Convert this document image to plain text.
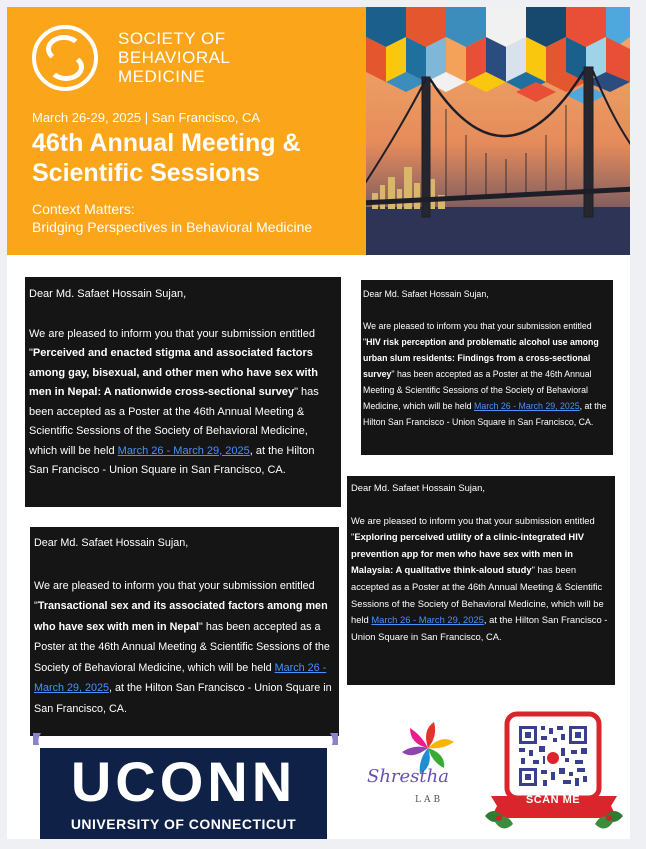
SOCIETY OF
BEHAVIORAL
MEDICINE
March 26-29, 2025 | San Francisco, CA
46th Annual Meeting &
Scientific Sessions
Context Matters:
Bridging Perspectives in Behavioral Medicine

Dear Md. Safaet Hossain Sujan,

We are pleased to inform you that your submission entitled "Perceived and enacted stigma and associated factors among gay, bisexual, and other men who have sex with men in Nepal: A nationwide cross-sectional survey" has been accepted as a Poster at the 46th Annual Meeting & Scientific Sessions of the Society of Behavioral Medicine, which will be held March 26 - March 29, 2025, at the Hilton San Francisco - Union Square in San Francisco, CA.

Dear Md. Safaet Hossain Sujan,

We are pleased to inform you that your submission entitled "HIV risk perception and problematic alcohol use among urban slum residents: Findings from a cross-sectional survey" has been accepted as a Poster at the 46th Annual Meeting & Scientific Sessions of the Society of Behavioral Medicine, which will be held March 26 - March 29, 2025, at the Hilton San Francisco - Union Square in San Francisco, CA.

Dear Md. Safaet Hossain Sujan,

We are pleased to inform you that your submission entitled "Exploring perceived utility of a clinic-integrated HIV prevention app for men who have sex with men in Malaysia: A qualitative think-aloud study" has been accepted as a Poster at the 46th Annual Meeting & Scientific Sessions of the Society of Behavioral Medicine, which will be held March 26 - March 29, 2025, at the Hilton San Francisco - Union Square in San Francisco, CA.

Dear Md. Safaet Hossain Sujan,

We are pleased to inform you that your submission entitled "Transactional sex and its associated factors among men who have sex with men in Nepal" has been accepted as a Poster at the 46th Annual Meeting & Scientific Sessions of the Society of Behavioral Medicine, which will be held March 26 - March 29, 2025, at the Hilton San Francisco - Union Square in San Francisco, CA.

UCONN
UNIVERSITY OF CONNECTICUT
Shrestha
LAB	SCAN ME
